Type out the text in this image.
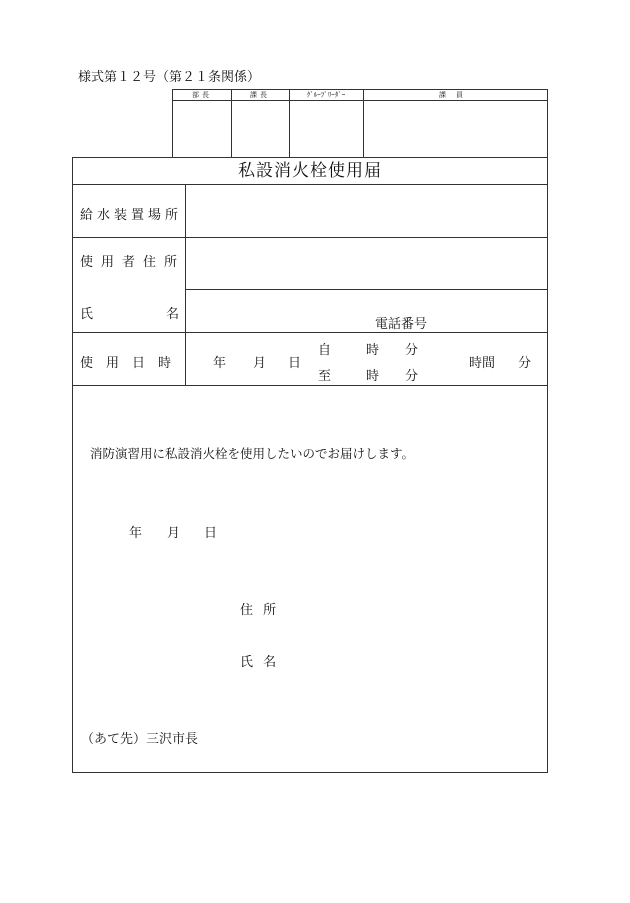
様式第１２号（第２１条関係）
部長	課長	ｸﾞﾙｰﾌﾟﾘｰﾀﾞｰ	課員
私設消火栓使用届
給水装置場所
使用者住所
氏	名
電話番号
使用日時 年 月 日
自	時 分
至	時 分
時間 分
消防演習用に私設消火栓を使用したいのでお届けします。
年 月 日
住 所
氏 名
（あて先）三沢市長
